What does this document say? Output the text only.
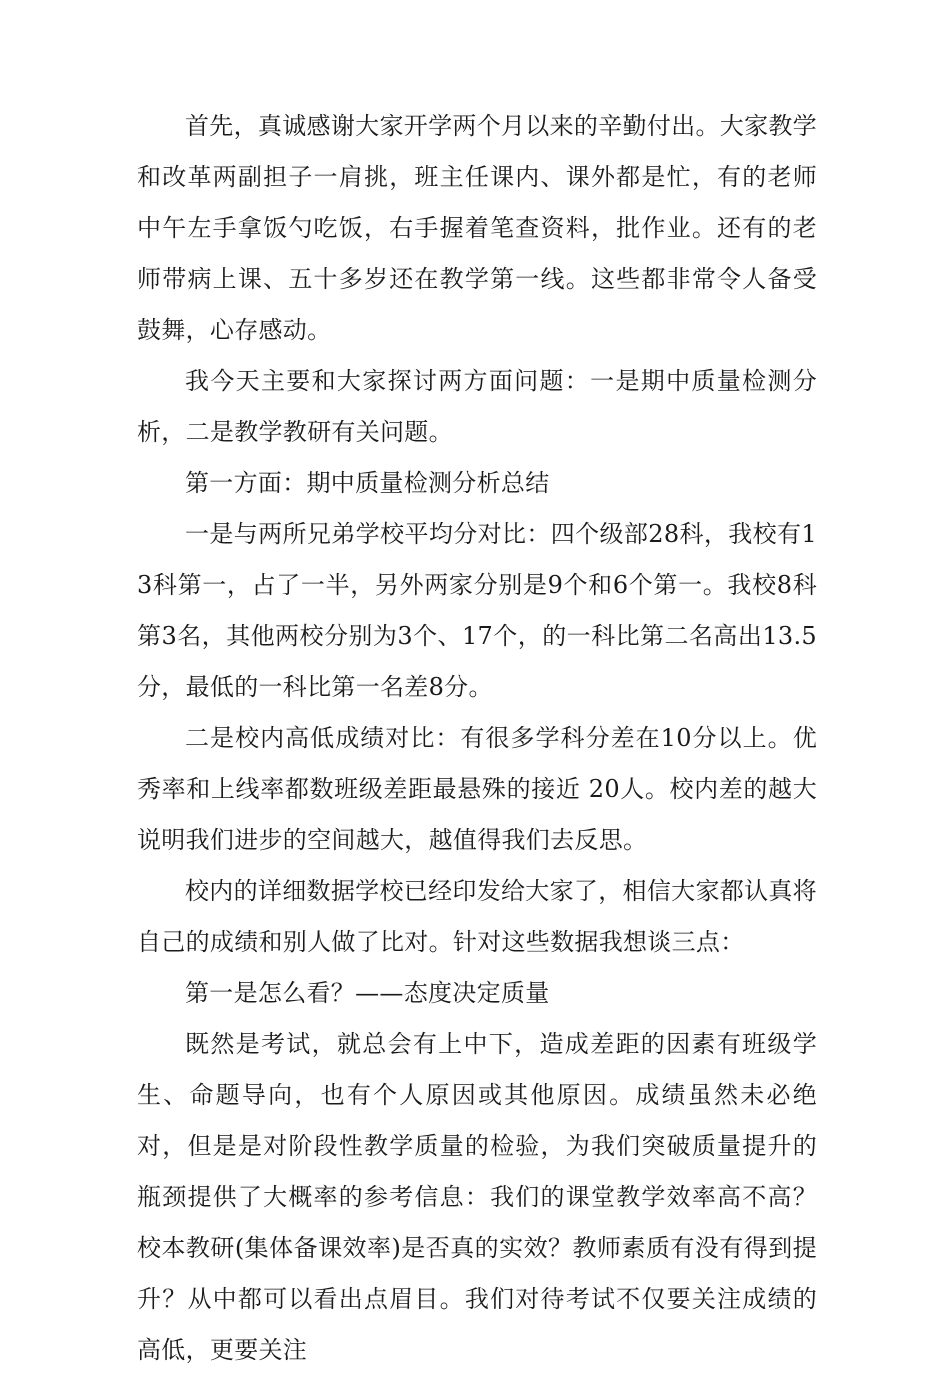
首先，真诚感谢大家开学两个月以来的辛勤付出。大家教学和改革两副担子一肩挑，班主任课内、课外都是忙，有的老师中午左手拿饭勺吃饭，右手握着笔查资料，批作业。还有的老师带病上课、五十多岁还在教学第一线。这些都非常令人备受鼓舞，心存感动。

我今天主要和大家探讨两方面问题：一是期中质量检测分析，二是教学教研有关问题。

第一方面：期中质量检测分析总结

一是与两所兄弟学校平均分对比：四个级部28科，我校有13科第一，占了一半，另外两家分别是9个和6个第一。我校8科第3名，其他两校分别为3个、17个，的一科比第二名高出13.5分，最低的一科比第一名差8分。

二是校内高低成绩对比：有很多学科分差在10分以上。优秀率和上线率都数班级差距最悬殊的接近 20人。校内差的越大说明我们进步的空间越大，越值得我们去反思。

校内的详细数据学校已经印发给大家了，相信大家都认真将自己的成绩和别人做了比对。针对这些数据我想谈三点：

第一是怎么看？——态度决定质量

既然是考试，就总会有上中下，造成差距的因素有班级学生、命题导向，也有个人原因或其他原因。成绩虽然未必绝对，但是是对阶段性教学质量的检验，为我们突破质量提升的瓶颈提供了大概率的参考信息：我们的课堂教学效率高不高？校本教研(集体备课效率)是否真的实效？教师素质有没有得到提升？从中都可以看出点眉目。我们对待考试不仅要关注成绩的高低，更要关注
